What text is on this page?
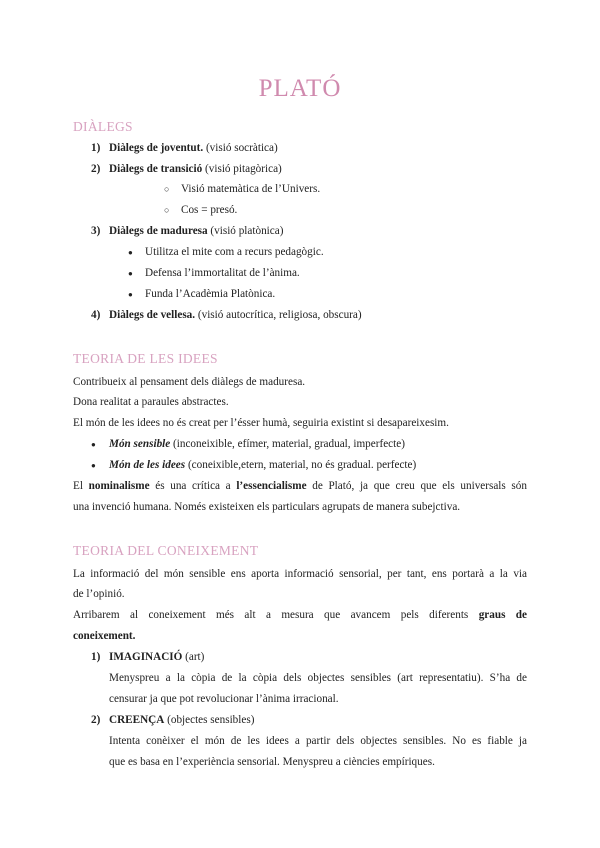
PLATÓ
DIÀLEGS
1) Diàlegs de joventut. (visió socràtica)
2) Diàlegs de transició (visió pitagòrica)
○ Visió matemàtica de l’Univers.
○ Cos = presó.
3) Diàlegs de maduresa (visió platònica)
● Utilitza el mite com a recurs pedagògic.
● Defensa l’immortalitat de l’ànima.
● Funda l’Acadèmia Platònica.
4) Diàlegs de vellesa. (visió autocrítica, religiosa, obscura)
TEORIA DE LES IDEES
Contribueix al pensament dels diàlegs de maduresa.
Dona realitat a paraules abstractes.
El món de les idees no és creat per l’ésser humà, seguiria existint si desapareixesim.
● Món sensible (inconeixible, efímer, material, gradual, imperfecte)
● Món de les idees (coneixible,etern, material, no és gradual. perfecte)
El nominalisme és una crítica a l’essencialisme de Plató, ja que creu que els universals són
una invenció humana. Només existeixen els particulars agrupats de manera subejctiva.
TEORIA DEL CONEIXEMENT
La informació del món sensible ens aporta informació sensorial, per tant, ens portarà a la via
de l’opinió.
Arribarem al coneixement més alt a mesura que avancem pels diferents graus de
coneixement.
1) IMAGINACIÓ (art)
Menyspreu a la còpia de la còpia dels objectes sensibles (art representatiu). S’ha de
censurar ja que pot revolucionar l’ànima irracional.
2) CREENÇA (objectes sensibles)
Intenta conèixer el món de les idees a partir dels objectes sensibles. No es fiable ja
que es basa en l’experiència sensorial. Menyspreu a ciències empíriques.
